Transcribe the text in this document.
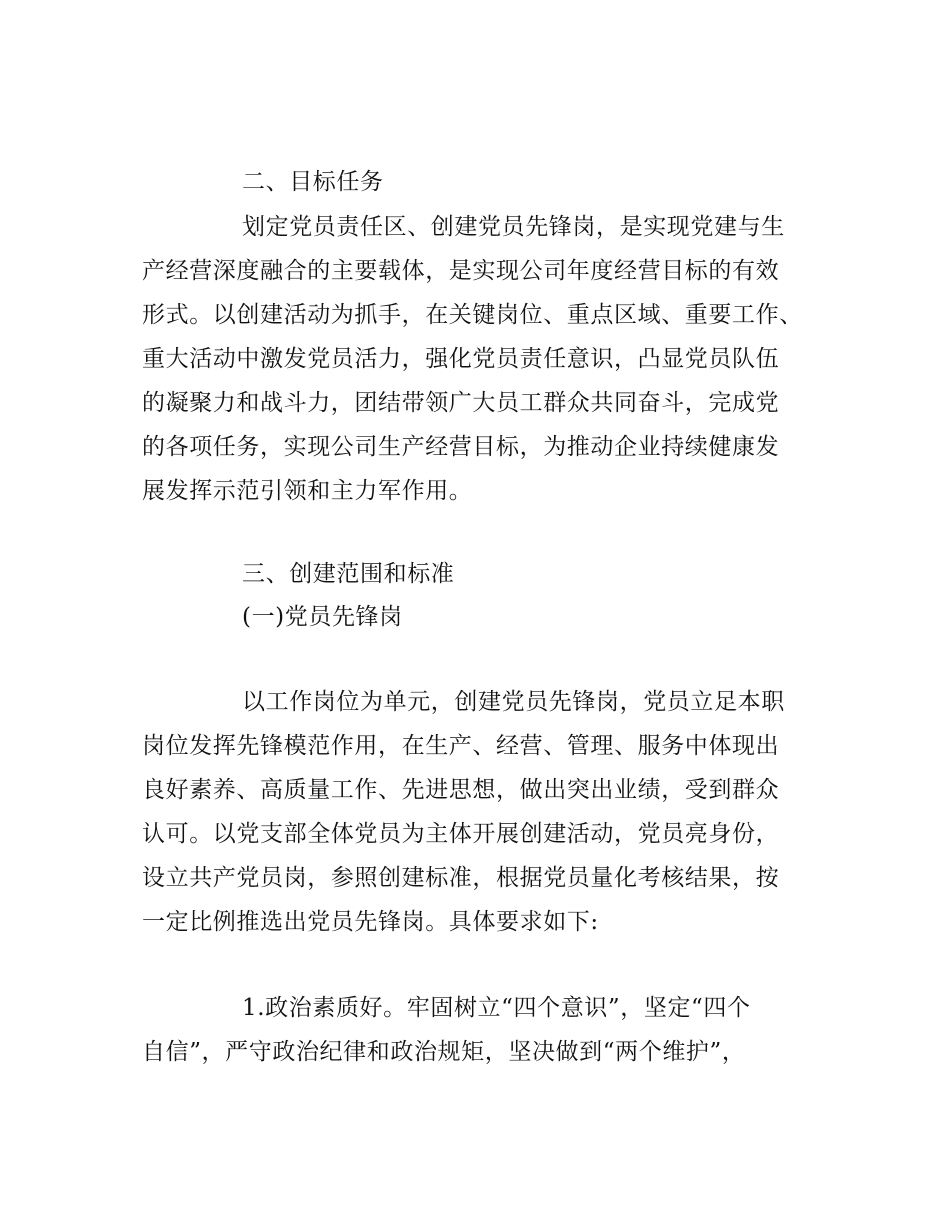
二、目标任务
划定党员责任区、创建党员先锋岗，是实现党建与生
产经营深度融合的主要载体，是实现公司年度经营目标的有效
形式。以创建活动为抓手，在关键岗位、重点区域、重要工作、
重大活动中激发党员活力，强化党员责任意识，凸显党员队伍
的凝聚力和战斗力，团结带领广大员工群众共同奋斗，完成党
的各项任务，实现公司生产经营目标，为推动企业持续健康发
展发挥示范引领和主力军作用。
三、创建范围和标准
(一)党员先锋岗
以工作岗位为单元，创建党员先锋岗，党员立足本职
岗位发挥先锋模范作用，在生产、经营、管理、服务中体现出
良好素养、高质量工作、先进思想，做出突出业绩，受到群众
认可。以党支部全体党员为主体开展创建活动，党员亮身份，
设立共产党员岗，参照创建标准，根据党员量化考核结果，按
一定比例推选出党员先锋岗。具体要求如下:
1.政治素质好。牢固树立“四个意识”，坚定“四个
自信”，严守政治纪律和政治规矩，坚决做到“两个维护”，
